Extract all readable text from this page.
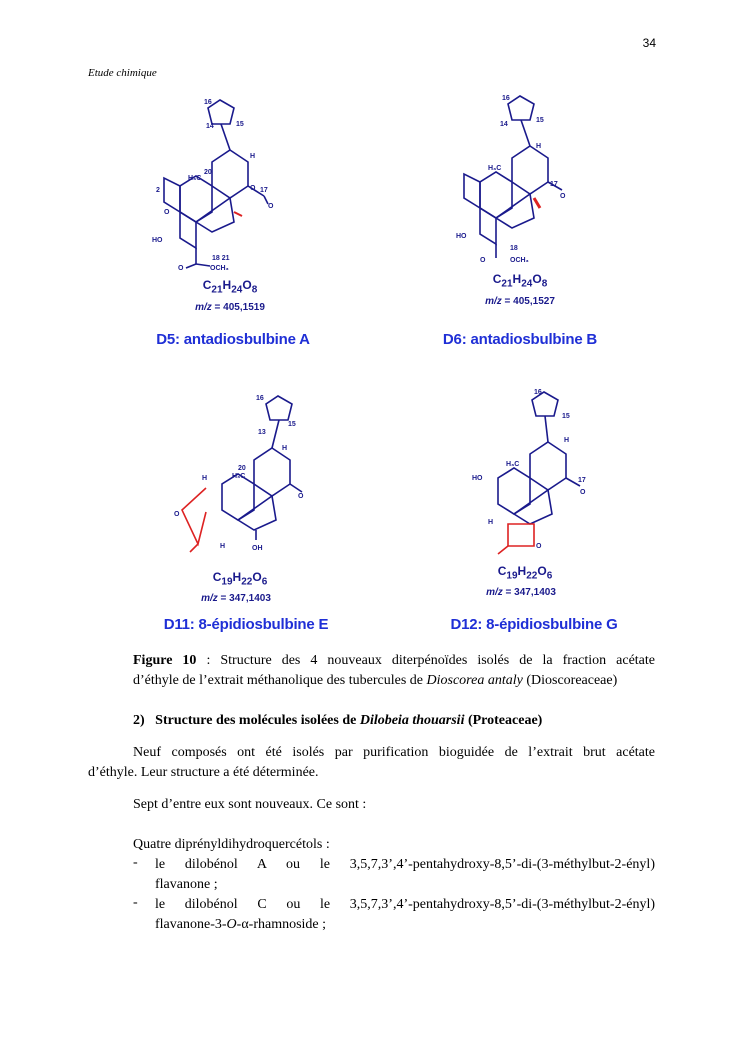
34
Etude chimique
16
15
14
H
20
H₃C
O 17
O
2
O
HO
O
18 21
OCH₃
$C_{21}H_{24}O_8$
m/z = 405,1519
D5: antadiosbulbine A
16
15
14
H
H₃C
17
O
HO
O
18
OCH₃
$C_{21}H_{24}O_8$
m/z = 405,1527
D6: antadiosbulbine B
16
15
13
H
20
H₃C
H
O
O
H	OH
$C_{19}H_{22}O_6$
m/z = 347,1403
D11: 8-épidiosbulbine E
16
15
H
H₃C
HO	17
O
H
O
$C_{19}H_{22}O_6$
m/z = 347,1403
D12: 8-épidiosbulbine G
Figure 10 : Structure des 4 nouveaux diterpénoïdes isolés de la fraction acétate
d’éthyle de l’extrait méthanolique des tubercules de Dioscorea antaly (Dioscoreaceae)
2) Structure des molécules isolées de Dilobeia thouarsii (Proteaceae)
Neuf composés ont été isolés par purification bioguidée de l’extrait brut acétate
d’éthyle. Leur structure a été déterminée.
Sept d’entre eux sont nouveaux. Ce sont :
Quatre diprényldihydroquercétols :
- le dilobénol A ou le 3,5,7,3’,4’-pentahydroxy-8,5’-di-(3-méthylbut-2-ényl)
flavanone ;
- le dilobénol C ou le 3,5,7,3’,4’-pentahydroxy-8,5’-di-(3-méthylbut-2-ényl)
flavanone-3-O-α-rhamnoside ;
